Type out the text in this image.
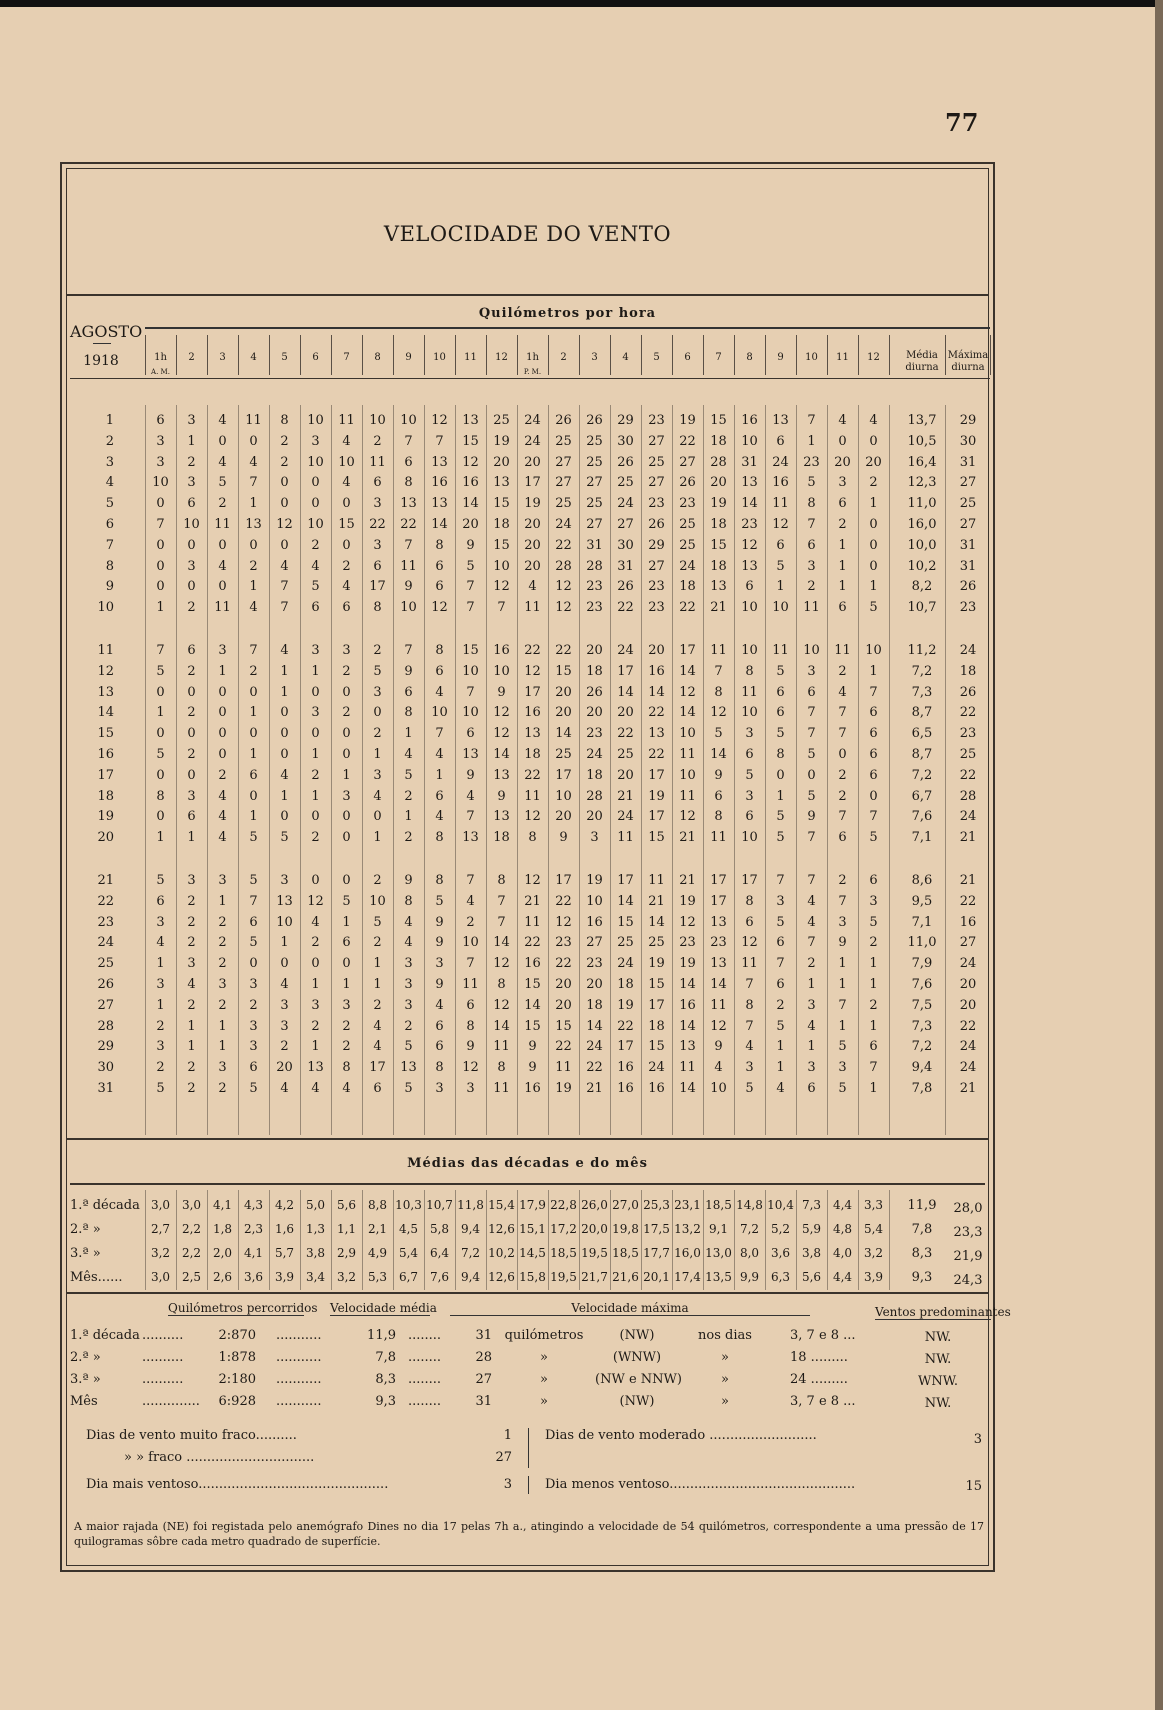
77
VELOCIDADE DO VENTO
AGOSTO
1918
Quilómetros por hora
1h	2	3	4	5	6	7	8	9	10	11	12
A. M.
1h	2	3	4	5	6	7	8	9	10	11	12
P. M.
Média diurna
Máxima diurna
1	6	3	4	11	8	10	11	10	10	12	13	25	24	26	26	29	23	19	15	16	13	7	4	4	13,7	29
2	3	1	0	0	2	3	4	2	7	7	15	19	24	25	25	30	27	22	18	10	6	1	0	0	10,5	30
3	3	2	4	4	2	10	10	11	6	13	12	20	20	27	25	26	25	27	28	31	24	23	20	20	16,4	31
4	10	3	5	7	0	0	4	6	8	16	16	13	17	27	27	25	27	26	20	13	16	5	3	2	12,3	27
5	0	6	2	1	0	0	0	3	13	13	14	15	19	25	25	24	23	23	19	14	11	8	6	1	11,0	25
6	7	10	11	13	12	10	15	22	22	14	20	18	20	24	27	27	26	25	18	23	12	7	2	0	16,0	27
7	0	0	0	0	0	2	0	3	7	8	9	15	20	22	31	30	29	25	15	12	6	6	1	0	10,0	31
8	0	3	4	2	4	4	2	6	11	6	5	10	20	28	28	31	27	24	18	13	5	3	1	0	10,2	31
9	0	0	0	1	7	5	4	17	9	6	7	12	4	12	23	26	23	18	13	6	1	2	1	1	8,2	26
10	1	2	11	4	7	6	6	8	10	12	7	7	11	12	23	22	23	22	21	10	10	11	6	5	10,7	23
11	7	6	3	7	4	3	3	2	7	8	15	16	22	22	20	24	20	17	11	10	11	10	11	10	11,2	24
12	5	2	1	2	1	1	2	5	9	6	10	10	12	15	18	17	16	14	7	8	5	3	2	1	7,2	18
13	0	0	0	0	1	0	0	3	6	4	7	9	17	20	26	14	14	12	8	11	6	6	4	7	7,3	26
14	1	2	0	1	0	3	2	0	8	10	10	12	16	20	20	20	22	14	12	10	6	7	7	6	8,7	22
15	0	0	0	0	0	0	0	2	1	7	6	12	13	14	23	22	13	10	5	3	5	7	7	6	6,5	23
16	5	2	0	1	0	1	0	1	4	4	13	14	18	25	24	25	22	11	14	6	8	5	0	6	8,7	25
17	0	0	2	6	4	2	1	3	5	1	9	13	22	17	18	20	17	10	9	5	0	0	2	6	7,2	22
18	8	3	4	0	1	1	3	4	2	6	4	9	11	10	28	21	19	11	6	3	1	5	2	0	6,7	28
19	0	6	4	1	0	0	0	0	1	4	7	13	12	20	20	24	17	12	8	6	5	9	7	7	7,6	24
20	1	1	4	5	5	2	0	1	2	8	13	18	8	9	3	11	15	21	11	10	5	7	6	5	7,1	21
21	5	3	3	5	3	0	0	2	9	8	7	8	12	17	19	17	11	21	17	17	7	7	2	6	8,6	21
22	6	2	1	7	13	12	5	10	8	5	4	7	21	22	10	14	21	19	17	8	3	4	7	3	9,5	22
23	3	2	2	6	10	4	1	5	4	9	2	7	11	12	16	15	14	12	13	6	5	4	3	5	7,1	16
24	4	2	2	5	1	2	6	2	4	9	10	14	22	23	27	25	25	23	23	12	6	7	9	2	11,0	27
25	1	3	2	0	0	0	0	1	3	3	7	12	16	22	23	24	19	19	13	11	7	2	1	1	7,9	24
26	3	4	3	3	4	1	1	1	3	9	11	8	15	20	20	18	15	14	14	7	6	1	1	1	7,6	20
27	1	2	2	2	3	3	3	2	3	4	6	12	14	20	18	19	17	16	11	8	2	3	7	2	7,5	20
28	2	1	1	3	3	2	2	4	2	6	8	14	15	15	14	22	18	14	12	7	5	4	1	1	7,3	22
29	3	1	1	3	2	1	2	4	5	6	9	11	9	22	24	17	15	13	9	4	1	1	5	6	7,2	24
30	2	2	3	6	20	13	8	17	13	8	12	8	9	11	22	16	24	11	4	3	1	3	3	7	9,4	24
31	5	2	2	5	4	4	4	6	5	3	3	11	16	19	21	16	16	14	10	5	4	6	5	1	7,8	21
1.ª década 3,0 3,0 4,1 4,3 4,2 5,0 5,6 8,8 10,3 10,7 11,8 15,4 17,9 22,8 26,0 27,0 25,3 23,1 18,5 14,8 10,4 7,3 4,4 3,3	11,9	28,0
2.ª »	2,7 2,2 1,8 2,3 1,6 1,3 1,1 2,1 4,5 5,8 9,4 12,6 15,1 17,2 20,0 19,8 17,5 13,2 9,1 7,2 5,2 5,9 4,8 5,4	7,8	23,3
3.ª »	3,2 2,2 2,0 4,1 5,7 3,8 2,9 4,9 5,4 6,4 7,2 10,2 14,5 18,5 19,5 18,5 17,7 16,0 13,0 8,0 3,6 3,8 4,0 3,2	8,3	21,9
Mês......	3,0 2,5 2,6 3,6 3,9 3,4 3,2 5,3 6,7 7,6 9,4 12,6 15,8 19,5 21,7 21,6 20,1 17,4 13,5 9,9 6,3 5,6 4,4 3,9	9,3	24,3
Médias das décadas e do mês
Quilómetros percorridos Velocidade média	Velocidade máxima	Ventos predominantes
1.ª década ..........	2:870 ...........	11,9 ........	31 quilómetros	(NW)	nos dias	3, 7 e 8 ...	NW.
2.ª »	..........	1:878 ...........	7,8 ........	28	»	(WNW)	»	18 .........	NW.
3.ª »	..........	2:180 ...........	8,3 ........	27	»	(NW e NNW)	»	24 .........	WNW.
Mês	.............. 6:928 ...........	9,3 ........	31	»	(NW)	»	3, 7 e 8 ...	NW.
Dias de vento muito fraco..........	1
» » fraco ...............................	27
Dias de vento moderado ..........................	3
Dia mais ventoso..............................................	3	Dia menos ventoso.............................................	15
A maior rajada (NE) foi registada pelo anemógrafo Dines no dia 17 pelas 7h a., atingindo a velocidade de 54 quilómetros, correspondente a uma pressão de 17 quilogramas sôbre cada metro quadrado de superfície.
